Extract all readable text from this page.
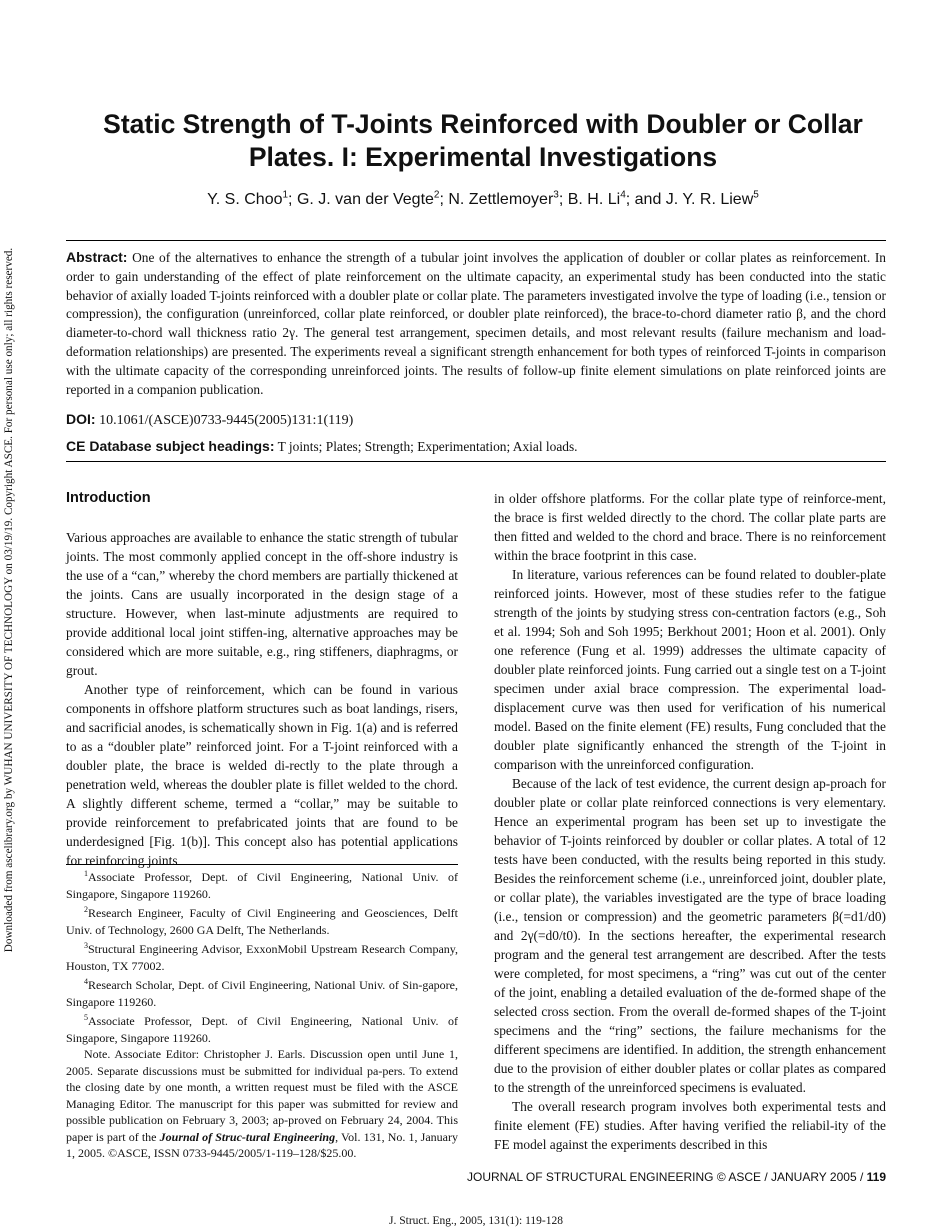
Downloaded from ascelibrary.org by WUHAN UNIVERSITY OF TECHNOLOGY on 03/19/19. Copyright ASCE. For personal use only; all rights reserved.
Static Strength of T-Joints Reinforced with Doubler or Collar Plates. I: Experimental Investigations
Y. S. Choo$^1$; G. J. van der Vegte$^2$; N. Zettlemoyer$^3$; B. H. Li$^4$; and J. Y. R. Liew$^5$
Abstract: One of the alternatives to enhance the strength of a tubular joint involves the application of doubler or collar plates as reinforcement. In order to gain understanding of the effect of plate reinforcement on the ultimate capacity, an experimental study has been conducted into the static behavior of axially loaded T-joints reinforced with a doubler plate or collar plate. The parameters investigated involve the type of loading (i.e., tension or compression), the configuration (unreinforced, collar plate reinforced, or doubler plate reinforced), the brace-to-chord diameter ratio β, and the chord diameter-to-chord wall thickness ratio 2γ. The general test arrangement, specimen details, and most relevant results (failure mechanism and load-deformation relationships) are presented. The experiments reveal a significant strength enhancement for both types of reinforced T-joints in comparison with the ultimate capacity of the corresponding unreinforced joints. The results of follow-up finite element simulations on plate reinforced joints are reported in a companion publication.
DOI: 10.1061/(ASCE)0733-9445(2005)131:1(119)
CE Database subject headings: T joints; Plates; Strength; Experimentation; Axial loads.
Introduction

Various approaches are available to enhance the static strength of tubular joints. The most commonly applied concept in the off-shore industry is the use of a “can,” whereby the chord members are partially thickened at the joints. Cans are usually incorporated in the design stage of a structure. However, when last-minute adjustments are required to provide additional local joint stiffen-ing, alternative approaches may be considered which are more suitable, e.g., ring stiffeners, diaphragms, or grout.

Another type of reinforcement, which can be found in various components in offshore platform structures such as boat landings, risers, and sacrificial anodes, is schematically shown in Fig. 1(a) and is referred to as a “doubler plate” reinforced joint. For a T-joint reinforced with a doubler plate, the brace is welded di-rectly to the plate through a penetration weld, whereas the doubler plate is fillet welded to the chord. A slightly different scheme, termed a “collar,” may be suitable to provide reinforcement to prefabricated joints that are found to be underdesigned [Fig. 1(b)]. This concept also has potential applications for reinforcing joints

in older offshore platforms. For the collar plate type of reinforce-ment, the brace is first welded directly to the chord. The collar plate parts are then fitted and welded to the chord and brace. There is no reinforcement within the brace footprint in this case.

In literature, various references can be found related to doubler-plate reinforced joints. However, most of these studies refer to the fatigue strength of the joints by studying stress con-centration factors (e.g., Soh et al. 1994; Soh and Soh 1995; Berkhout 2001; Hoon et al. 2001). Only one reference (Fung et al. 1999) addresses the ultimate capacity of doubler plate reinforced joints. Fung carried out a single test on a T-joint specimen under axial brace compression. The experimental load-displacement curve was then used for verification of his numerical model. Based on the finite element (FE) results, Fung concluded that the doubler plate significantly enhanced the strength of the T-joint in comparison with the unreinforced configuration.

Because of the lack of test evidence, the current design ap-proach for doubler plate or collar plate reinforced connections is very elementary. Hence an experimental program has been set up to investigate the behavior of T-joints reinforced by doubler or collar plates. A total of 12 tests have been conducted, with the results being reported in this study. Besides the reinforcement scheme (i.e., unreinforced joint, doubler plate, or collar plate), the variables investigated are the type of brace loading (i.e., tension or compression) and the geometric parameters β(=d1/d0) and 2γ(=d0/t0). In the sections hereafter, the experimental research program and the general test arrangement are described. After the tests were completed, for most specimens, a “ring” was cut out of the center of the joint, enabling a detailed evaluation of the de-formed shape of the selected cross section. From the overall de-formed shapes of the T-joint specimens and the “ring” sections, the failure mechanisms for the different specimens are identified. In addition, the strength enhancement due to the provision of either doubler plates or collar plates as compared to the strength of the unreinforced specimens is evaluated.

The overall research program involves both experimental tests and finite element (FE) studies. After having verified the reliabil-ity of the FE model against the experiments described in this

$^1$Associate Professor, Dept. of Civil Engineering, National Univ. of Singapore, Singapore 119260.

$^2$Research Engineer, Faculty of Civil Engineering and Geosciences, Delft Univ. of Technology, 2600 GA Delft, The Netherlands.

$^3$Structural Engineering Advisor, ExxonMobil Upstream Research Company, Houston, TX 77002.

$^4$Research Scholar, Dept. of Civil Engineering, National Univ. of Sin-gapore, Singapore 119260.

$^5$Associate Professor, Dept. of Civil Engineering, National Univ. of Singapore, Singapore 119260.

Note. Associate Editor: Christopher J. Earls. Discussion open until June 1, 2005. Separate discussions must be submitted for individual pa-pers. To extend the closing date by one month, a written request must be filed with the ASCE Managing Editor. The manuscript for this paper was submitted for review and possible publication on February 3, 2003; ap-proved on February 24, 2004. This paper is part of the Journal of Struc-tural Engineering, Vol. 131, No. 1, January 1, 2005. ©ASCE, ISSN 0733-9445/2005/1-119–128/$25.00.

JOURNAL OF STRUCTURAL ENGINEERING © ASCE / JANUARY 2005 / 119
J. Struct. Eng., 2005, 131(1): 119-128
